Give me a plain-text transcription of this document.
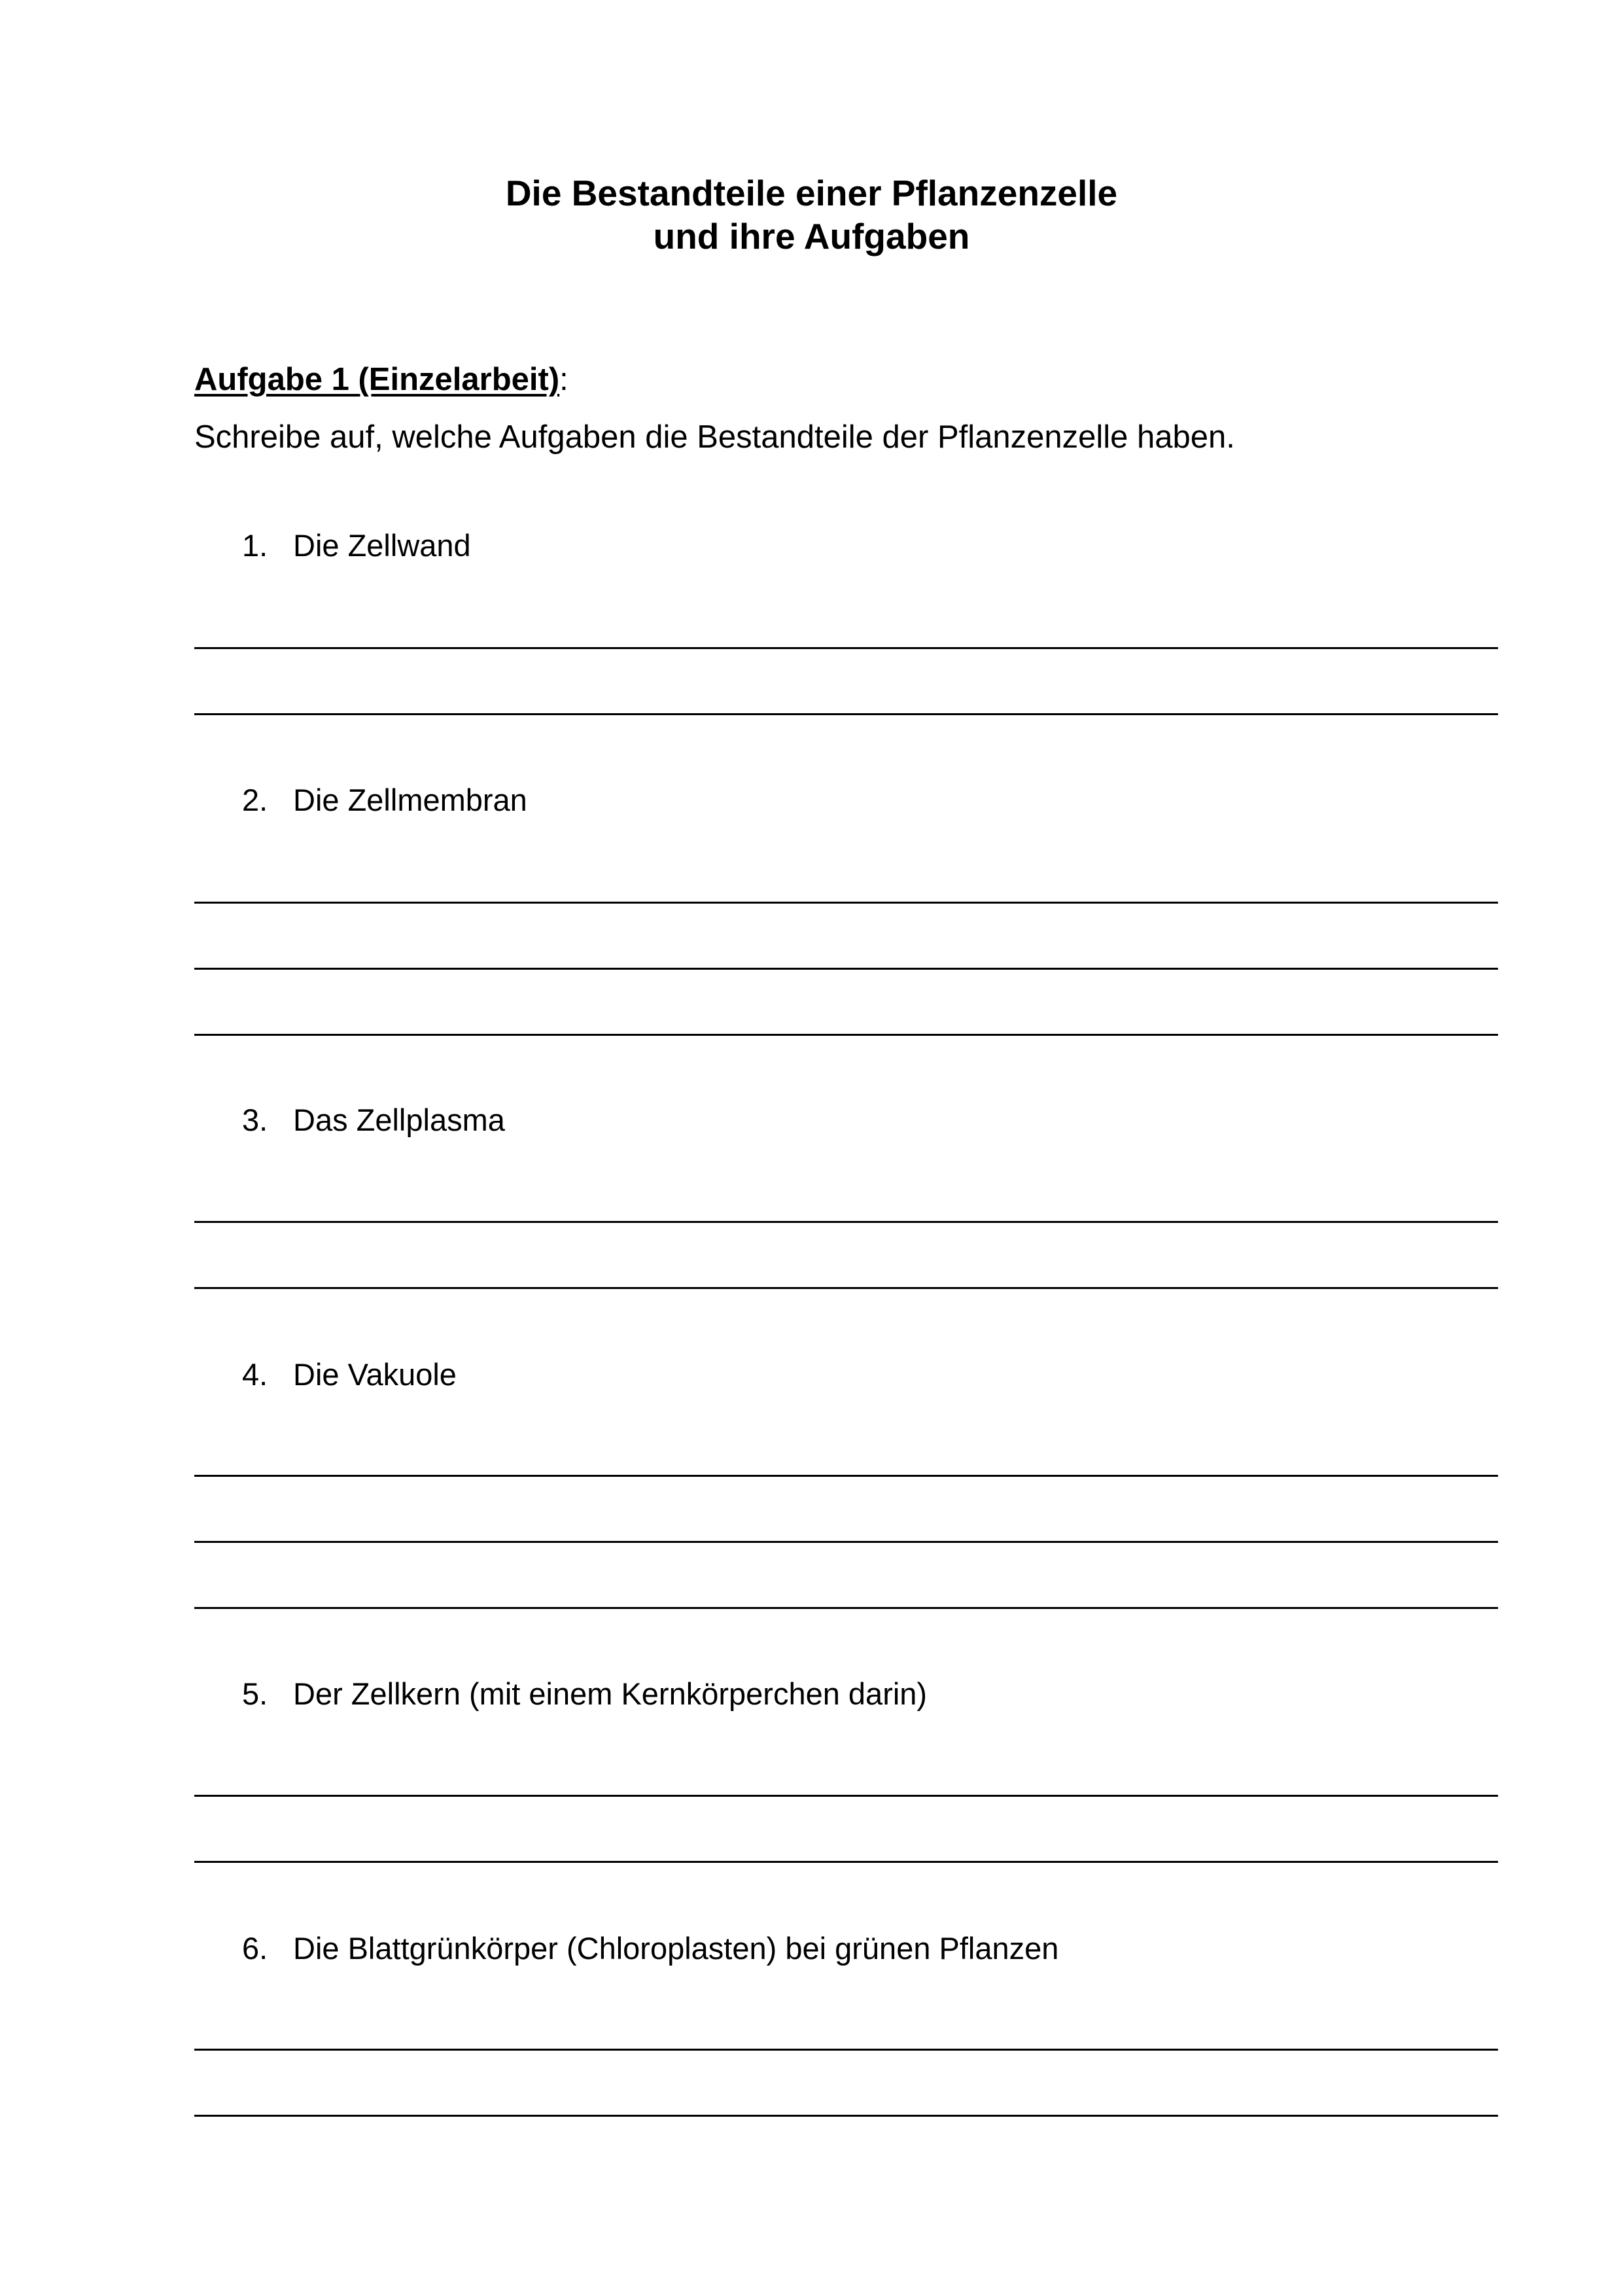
Die Bestandteile einer Pflanzenzelle
und ihre Aufgaben
Aufgabe 1 (Einzelarbeit):
Schreibe auf, welche Aufgaben die Bestandteile der Pflanzenzelle haben.
1. Die Zellwand
2. Die Zellmembran
3. Das Zellplasma
4. Die Vakuole
5. Der Zellkern (mit einem Kernkörperchen darin)
6. Die Blattgrünkörper (Chloroplasten) bei grünen Pflanzen
